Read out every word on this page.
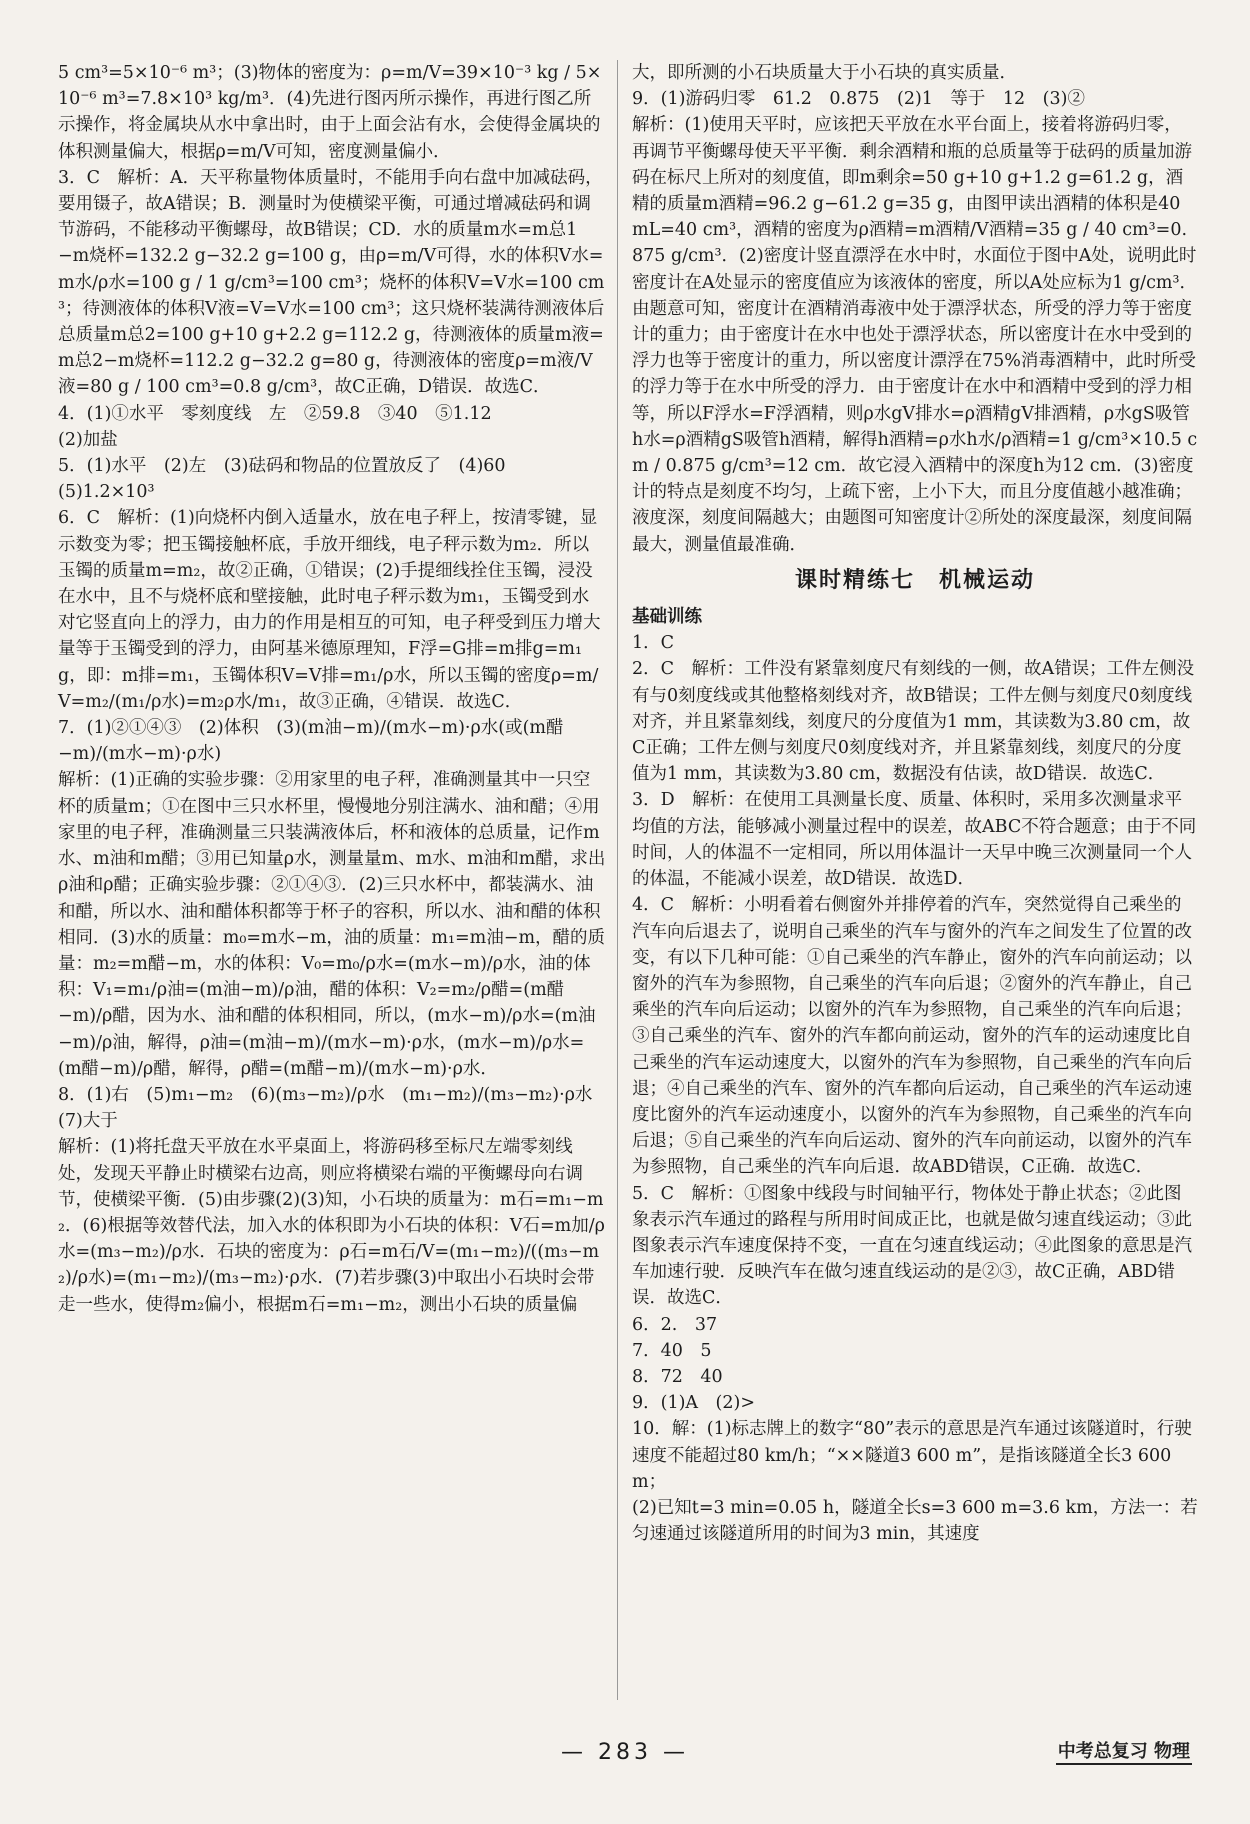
5 cm³=5×10⁻⁶ m³；(3)物体的密度为：ρ=m/V=39×10⁻³ kg / 5×10⁻⁶ m³=7.8×10³ kg/m³．(4)先进行图丙所示操作，再进行图乙所示操作，将金属块从水中拿出时，由于上面会沾有水，会使得金属块的体积测量偏大，根据ρ=m/V可知，密度测量偏小．

3．C　解析：A．天平称量物体质量时，不能用手向右盘中加减砝码，要用镊子，故A错误；B．测量时为使横梁平衡，可通过增减砝码和调节游码，不能移动平衡螺母，故B错误；CD．水的质量m水=m总1−m烧杯=132.2 g−32.2 g=100 g，由ρ=m/V可得，水的体积V水=m水/ρ水=100 g / 1 g/cm³=100 cm³；烧杯的体积V=V水=100 cm³；待测液体的体积V液=V=V水=100 cm³；这只烧杯装满待测液体后总质量m总2=100 g+10 g+2.2 g=112.2 g，待测液体的质量m液=m总2−m烧杯=112.2 g−32.2 g=80 g，待测液体的密度ρ=m液/V液=80 g / 100 cm³=0.8 g/cm³，故C正确，D错误．故选C．

4．(1)①水平　零刻度线　左　②59.8　③40　⑤1.12

(2)加盐

5．(1)水平　(2)左　(3)砝码和物品的位置放反了　(4)60

(5)1.2×10³

6．C　解析：(1)向烧杯内倒入适量水，放在电子秤上，按清零键，显示数变为零；把玉镯接触杯底，手放开细线，电子秤示数为m₂．所以玉镯的质量m=m₂，故②正确，①错误；(2)手提细线拴住玉镯，浸没在水中，且不与烧杯底和壁接触，此时电子秤示数为m₁，玉镯受到水对它竖直向上的浮力，由力的作用是相互的可知，电子秤受到压力增大量等于玉镯受到的浮力，由阿基米德原理知，F浮=G排=m排g=m₁g，即：m排=m₁，玉镯体积V=V排=m₁/ρ水，所以玉镯的密度ρ=m/V=m₂/(m₁/ρ水)=m₂ρ水/m₁，故③正确，④错误．故选C．

7．(1)②①④③　(2)体积　(3)(m油−m)/(m水−m)·ρ水(或(m醋−m)/(m水−m)·ρ水)

解析：(1)正确的实验步骤：②用家里的电子秤，准确测量其中一只空杯的质量m；①在图中三只水杯里，慢慢地分别注满水、油和醋；④用家里的电子秤，准确测量三只装满液体后，杯和液体的总质量，记作m水、m油和m醋；③用已知量ρ水，测量量m、m水、m油和m醋，求出ρ油和ρ醋；正确实验步骤：②①④③．(2)三只水杯中，都装满水、油和醋，所以水、油和醋体积都等于杯子的容积，所以水、油和醋的体积相同．(3)水的质量：m₀=m水−m，油的质量：m₁=m油−m，醋的质量：m₂=m醋−m，水的体积：V₀=m₀/ρ水=(m水−m)/ρ水，油的体积：V₁=m₁/ρ油=(m油−m)/ρ油，醋的体积：V₂=m₂/ρ醋=(m醋−m)/ρ醋，因为水、油和醋的体积相同，所以，(m水−m)/ρ水=(m油−m)/ρ油，解得，ρ油=(m油−m)/(m水−m)·ρ水，(m水−m)/ρ水=(m醋−m)/ρ醋，解得，ρ醋=(m醋−m)/(m水−m)·ρ水．

8．(1)右　(5)m₁−m₂　(6)(m₃−m₂)/ρ水　(m₁−m₂)/(m₃−m₂)·ρ水

(7)大于

解析：(1)将托盘天平放在水平桌面上，将游码移至标尺左端零刻线处，发现天平静止时横梁右边高，则应将横梁右端的平衡螺母向右调节，使横梁平衡．(5)由步骤(2)(3)知，小石块的质量为：m石=m₁−m₂．(6)根据等效替代法，加入水的体积即为小石块的体积：V石=m加/ρ水=(m₃−m₂)/ρ水．石块的密度为：ρ石=m石/V=(m₁−m₂)/((m₃−m₂)/ρ水)=(m₁−m₂)/(m₃−m₂)·ρ水．(7)若步骤(3)中取出小石块时会带走一些水，使得m₂偏小，根据m石=m₁−m₂，测出小石块的质量偏

大，即所测的小石块质量大于小石块的真实质量．

9．(1)游码归零　61.2　0.875　(2)1　等于　12　(3)②

解析：(1)使用天平时，应该把天平放在水平台面上，接着将游码归零，再调节平衡螺母使天平平衡．剩余酒精和瓶的总质量等于砝码的质量加游码在标尺上所对的刻度值，即m剩余=50 g+10 g+1.2 g=61.2 g，酒精的质量m酒精=96.2 g−61.2 g=35 g，由图甲读出酒精的体积是40 mL=40 cm³，酒精的密度为ρ酒精=m酒精/V酒精=35 g / 40 cm³=0.875 g/cm³．(2)密度计竖直漂浮在水中时，水面位于图中A处，说明此时密度计在A处显示的密度值应为该液体的密度，所以A处应标为1 g/cm³．由题意可知，密度计在酒精消毒液中处于漂浮状态，所受的浮力等于密度计的重力；由于密度计在水中也处于漂浮状态，所以密度计在水中受到的浮力也等于密度计的重力，所以密度计漂浮在75%消毒酒精中，此时所受的浮力等于在水中所受的浮力．由于密度计在水中和酒精中受到的浮力相等，所以F浮水=F浮酒精，则ρ水gV排水=ρ酒精gV排酒精，ρ水gS吸管h水=ρ酒精gS吸管h酒精，解得h酒精=ρ水h水/ρ酒精=1 g/cm³×10.5 cm / 0.875 g/cm³=12 cm．故它浸入酒精中的深度h为12 cm．(3)密度计的特点是刻度不均匀，上疏下密，上小下大，而且分度值越小越准确；液度深，刻度间隔越大；由题图可知密度计②所处的深度最深，刻度间隔最大，测量值最准确．

课时精练七　机械运动
基础训练

1．C

2．C　解析：工件没有紧靠刻度尺有刻线的一侧，故A错误；工件左侧没有与0刻度线或其他整格刻线对齐，故B错误；工件左侧与刻度尺0刻度线对齐，并且紧靠刻线，刻度尺的分度值为1 mm，其读数为3.80 cm，故C正确；工件左侧与刻度尺0刻度线对齐，并且紧靠刻线，刻度尺的分度值为1 mm，其读数为3.80 cm，数据没有估读，故D错误．故选C．

3．D　解析：在使用工具测量长度、质量、体积时，采用多次测量求平均值的方法，能够减小测量过程中的误差，故ABC不符合题意；由于不同时间，人的体温不一定相同，所以用体温计一天早中晚三次测量同一个人的体温，不能减小误差，故D错误．故选D．

4．C　解析：小明看着右侧窗外并排停着的汽车，突然觉得自己乘坐的汽车向后退去了，说明自己乘坐的汽车与窗外的汽车之间发生了位置的改变，有以下几种可能：①自己乘坐的汽车静止，窗外的汽车向前运动；以窗外的汽车为参照物，自己乘坐的汽车向后退；②窗外的汽车静止，自己乘坐的汽车向后运动；以窗外的汽车为参照物，自己乘坐的汽车向后退；③自己乘坐的汽车、窗外的汽车都向前运动，窗外的汽车的运动速度比自己乘坐的汽车运动速度大，以窗外的汽车为参照物，自己乘坐的汽车向后退；④自己乘坐的汽车、窗外的汽车都向后运动，自己乘坐的汽车运动速度比窗外的汽车运动速度小，以窗外的汽车为参照物，自己乘坐的汽车向后退；⑤自己乘坐的汽车向后运动、窗外的汽车向前运动，以窗外的汽车为参照物，自己乘坐的汽车向后退．故ABD错误，C正确．故选C．

5．C　解析：①图象中线段与时间轴平行，物体处于静止状态；②此图象表示汽车通过的路程与所用时间成正比，也就是做匀速直线运动；③此图象表示汽车速度保持不变，一直在匀速直线运动；④此图象的意思是汽车加速行驶．反映汽车在做匀速直线运动的是②③，故C正确，ABD错误．故选C．

6．2.　37

7．40　5

8．72　40

9．(1)A　(2)>

10．解：(1)标志牌上的数字“80”表示的意思是汽车通过该隧道时，行驶速度不能超过80 km/h；“××隧道3 600 m”，是指该隧道全长3 600 m；

(2)已知t=3 min=0.05 h，隧道全长s=3 600 m=3.6 km，方法一：若匀速通过该隧道所用的时间为3 min，其速度

— 283 —	中考总复习 物理
